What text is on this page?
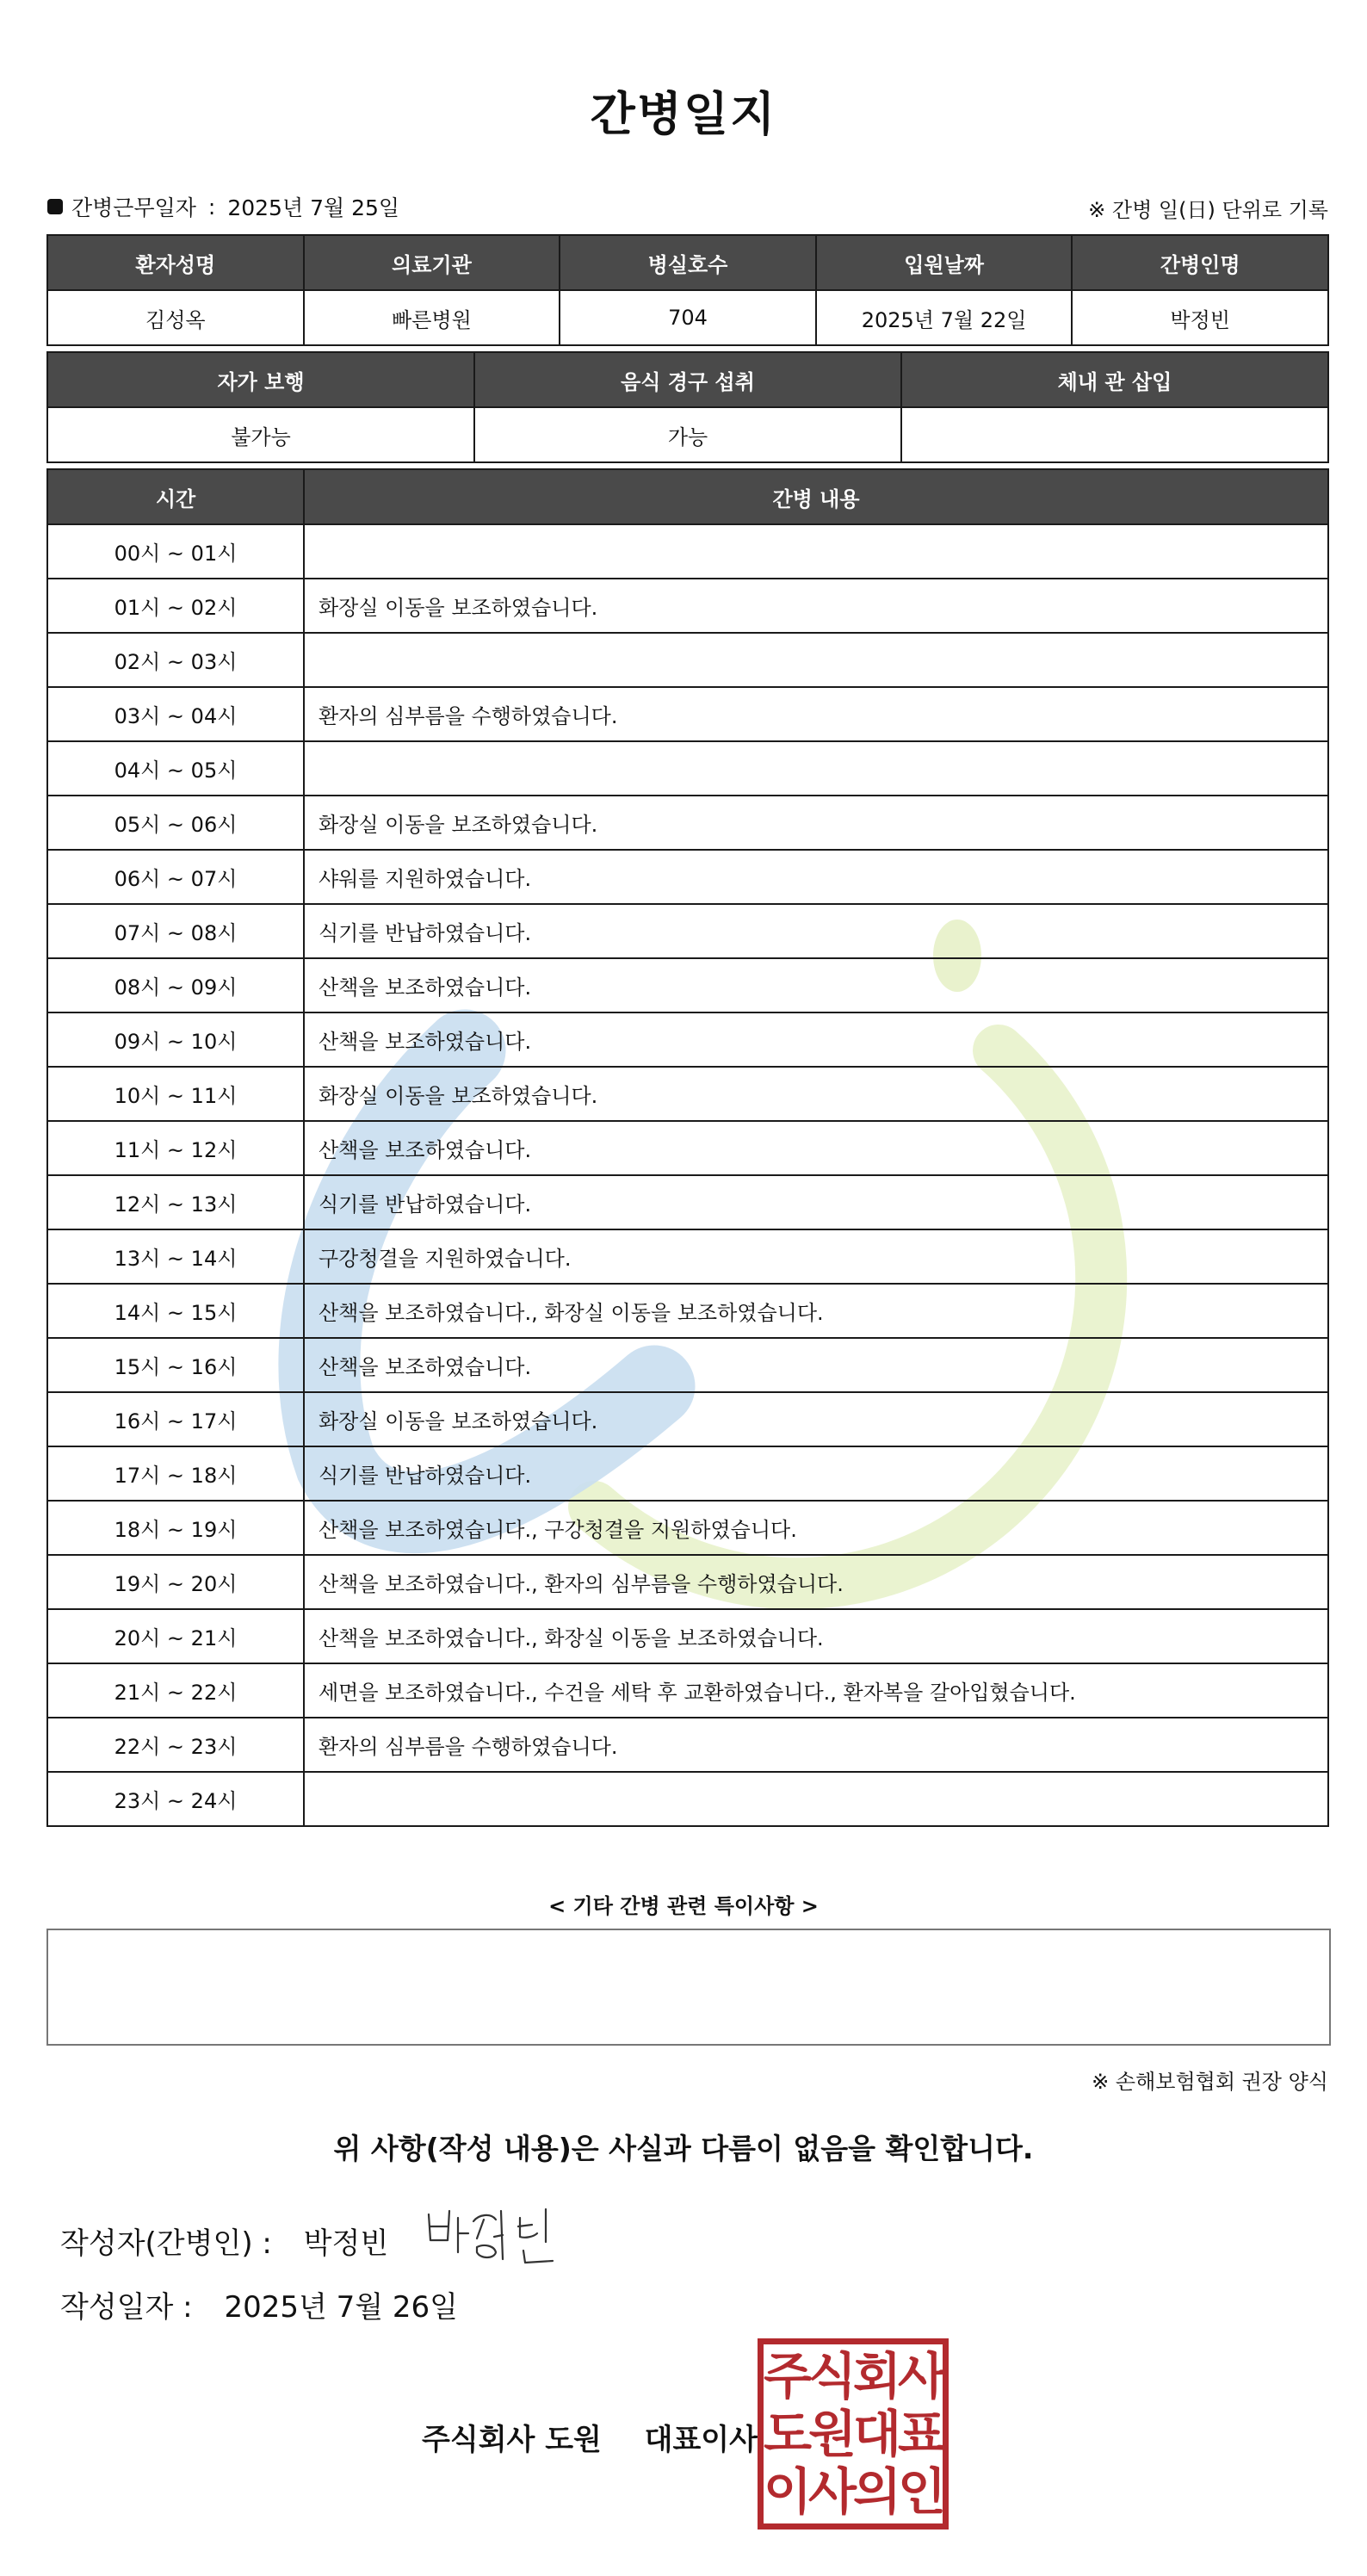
간병일지
간병근무일자 : 2025년 7월 25일	※ 간병 일(日) 단위로 기록
환자성명	의료기관	병실호수	입원날짜	간병인명
김성옥	빠른병원	704	2025년 7월 22일	박정빈
자가 보행	음식 경구 섭취	체내 관 삽입
불가능	가능	
시간	간병 내용
00시 ~ 01시	
01시 ~ 02시	화장실 이동을 보조하였습니다.
02시 ~ 03시	
03시 ~ 04시	환자의 심부름을 수행하였습니다.
04시 ~ 05시	
05시 ~ 06시	화장실 이동을 보조하였습니다.
06시 ~ 07시	샤워를 지원하였습니다.
07시 ~ 08시	식기를 반납하였습니다.
08시 ~ 09시	산책을 보조하였습니다.
09시 ~ 10시	산책을 보조하였습니다.
10시 ~ 11시	화장실 이동을 보조하였습니다.
11시 ~ 12시	산책을 보조하였습니다.
12시 ~ 13시	식기를 반납하였습니다.
13시 ~ 14시	구강청결을 지원하였습니다.
14시 ~ 15시	산책을 보조하였습니다., 화장실 이동을 보조하였습니다.
15시 ~ 16시	산책을 보조하였습니다.
16시 ~ 17시	화장실 이동을 보조하였습니다.
17시 ~ 18시	식기를 반납하였습니다.
18시 ~ 19시	산책을 보조하였습니다., 구강청결을 지원하였습니다.
19시 ~ 20시	산책을 보조하였습니다., 환자의 심부름을 수행하였습니다.
20시 ~ 21시	산책을 보조하였습니다., 화장실 이동을 보조하였습니다.
21시 ~ 22시	세면을 보조하였습니다., 수건을 세탁 후 교환하였습니다., 환자복을 갈아입혔습니다.
22시 ~ 23시	환자의 심부름을 수행하였습니다.
23시 ~ 24시	
< 기타 간병 관련 특이사항 >
※ 손해보험협회 권장 양식
위 사항(작성 내용)은 사실과 다름이 없음을 확인합니다.
작성자(간병인) : 박정빈
작성일자 : 2025년 7월 26일
주식회사 도원 대표이사
주식회사
도원대표
이사의인
